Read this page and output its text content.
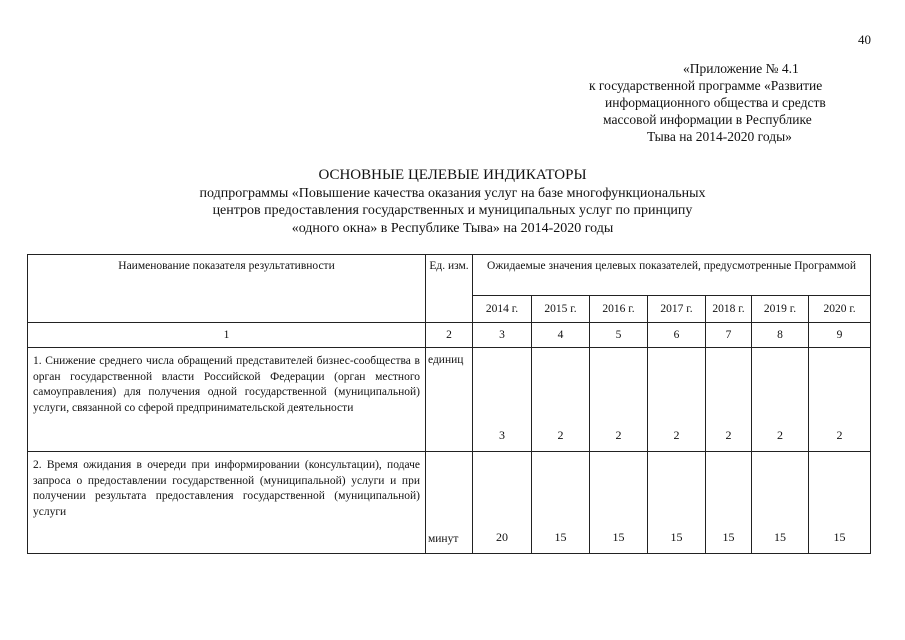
40
«Приложение № 4.1
к государственной программе «Развитие
информационного общества и средств
массовой информации в Республике
Тыва на 2014-2020 годы»
ОСНОВНЫЕ ЦЕЛЕВЫЕ ИНДИКАТОРЫ
подпрограммы «Повышение качества оказания услуг на базе многофункциональных
центров предоставления государственных и муниципальных услуг по принципу
«одного окна» в Республике Тыва» на 2014-2020 годы
Наименование показателя результативности	Ед. изм.	Ожидаемые значения целевых показателей, предусмотренные Программой						
		2014 г.	2015 г.	2016 г.	2017 г.	2018 г.	2019 г.	2020 г.
1	2	3	4	5	6	7	8	9
1. Снижение среднего числа обращений представителей бизнес-сообщества в орган государственной власти Российской Федерации (орган местного самоуправления) для получения одной государственной (муниципальной) услуги, связанной со сферой предпринимательской деятельности	единиц	3	2	2	2	2	2	2
2. Время ожидания в очереди при информировании (консультации), подаче запроса о предоставлении государственной (муниципальной) услуги и при получении результата предоставления государственной (муниципальной) услуги	минут	20	15	15	15	15	15	15
